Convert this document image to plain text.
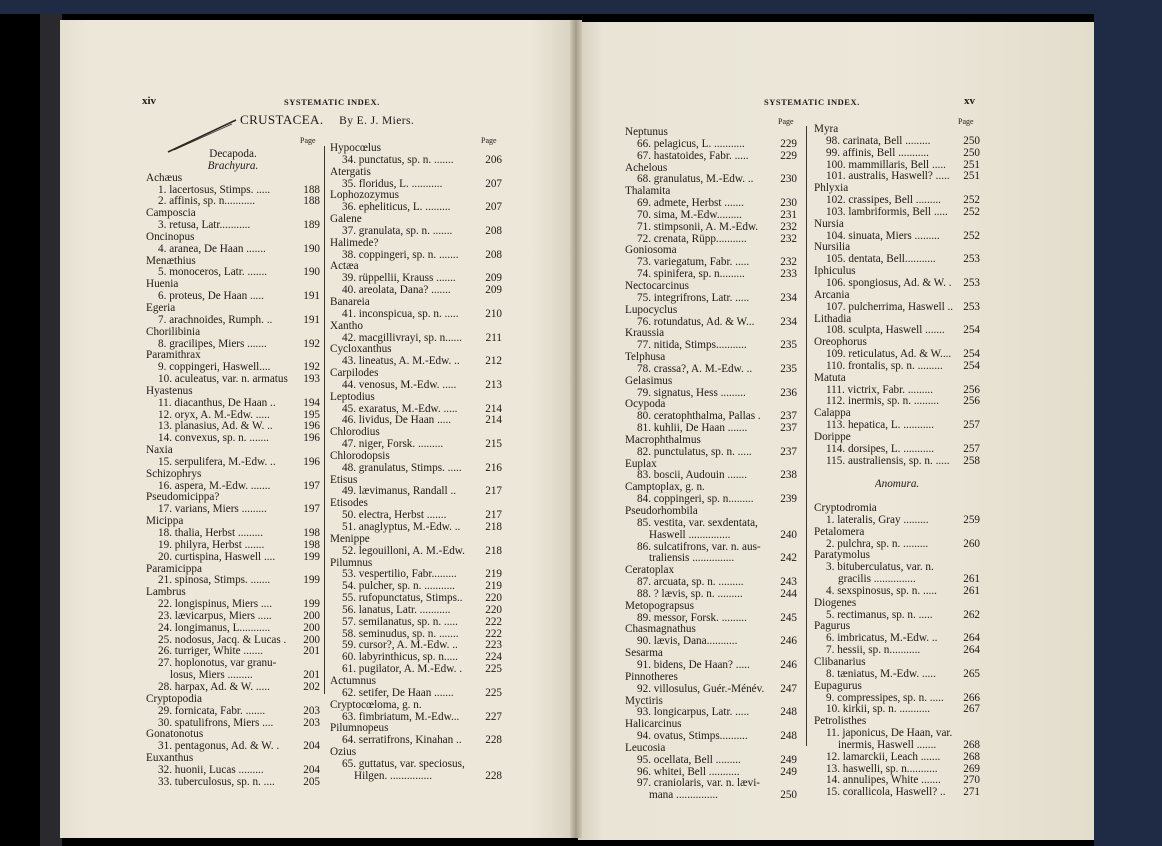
xiv	SYSTEMATIC INDEX.
CRUSTACEA. By E. J. Miers.
Page	Page
Decapoda.
Brachyura.
Achæus
1. lacertosus, Stimps. .....	188
2. affinis, sp. n...........	188
Camposcia
3. retusa, Latr...........	189
Oncinopus
4. aranea, De Haan .......	190
Menæthius
5. monoceros, Latr. .......	190
Huenia
6. proteus, De Haan .....	191
Egeria
7. arachnoides, Rumph. ..	191
Chorilibinia
8. gracilipes, Miers .......	192
Paramithrax
9. coppingeri, Haswell....	192
10. aculeatus, var. n. armatus	193
Hyastenus
11. diacanthus, De Haan ..	194
12. oryx, A. M.-Edw. .....	195
13. planasius, Ad. & W. ..	196
14. convexus, sp. n. .......	196
Naxia
15. serpulifera, M.-Edw. ..	196
Schizophrys
16. aspera, M.-Edw. .......	197
Pseudomicippa?
17. varians, Miers .........	197
Micippa
18. thalia, Herbst .........	198
19. philyra, Herbst .......	198
20. curtispina, Haswell ....	199
Paramicippa
21. spinosa, Stimps. .......	199
Lambrus
22. longispinus, Miers ....	199
23. lævicarpus, Miers .....	200
24. longimanus, L...........	200
25. nodosus, Jacq. & Lucas .	200
26. turriger, White .......	201
27. hoplonotus, var granu-
losus, Miers .........	201
28. harpax, Ad. & W. .....	202
Cryptopodia
29. fornicata, Fabr. .......	203
30. spatulifrons, Miers ....	203
Gonatonotus
31. pentagonus, Ad. & W. .	204
Euxanthus
32. huonii, Lucas .........	204
33. tuberculosus, sp. n. ....	205
Hypocœlus
34. punctatus, sp. n. .......	206
Atergatis
35. floridus, L. ...........	207
Lophozozymus
36. epheliticus, L. .........	207
Galene
37. granulata, sp. n. .......	208
Halimede?
38. coppingeri, sp. n. .......	208
Actæa
39. rüppellii, Krauss .......	209
40. areolata, Dana? .......	209
Banareia
41. inconspicua, sp. n. .....	210
Xantho
42. macgillivrayi, sp. n......	211
Cycloxanthus
43. lineatus, A. M.-Edw. ..	212
Carpilodes
44. venosus, M.-Edw. .....	213
Leptodius
45. exaratus, M.-Edw. .....	214
46. lividus, De Haan .....	214
Chlorodius
47. niger, Forsk. .........	215
Chlorodopsis
48. granulatus, Stimps. .....	216
Etisus
49. lævimanus, Randall ..	217
Etisodes
50. electra, Herbst .......	217
51. anaglyptus, M.-Edw. ..	218
Menippe
52. legouilloni, A. M.-Edw.	218
Pilumnus
53. vespertilio, Fabr.........	219
54. pulcher, sp. n. ...........	219
55. rufopunctatus, Stimps..	220
56. lanatus, Latr. ...........	220
57. semilanatus, sp. n. .....	222
58. seminudus, sp. n. .......	222
59. cursor?, A. M.-Edw. ..	223
60. labyrinthicus, sp. n.....	224
61. pugilator, A. M.-Edw. .	225
Actumnus
62. setifer, De Haan .......	225
Cryptocœloma, g. n.
63. fimbriatum, M.-Edw...	227
Pilumnopeus
64. serratifrons, Kinahan ..	228
Ozius
65. guttatus, var. speciosus,
Hilgen. ...............	228
SYSTEMATIC INDEX.	xv
Page	Page
Neptunus
66. pelagicus, L. ...........	229
67. hastatoides, Fabr. .....	229
Achelous
68. granulatus, M.-Edw. ..	230
Thalamita
69. admete, Herbst .......	230
70. sima, M.-Edw.........	231
71. stimpsonii, A. M.-Edw.	232
72. crenata, Rüpp...........	232
Goniosoma
73. variegatum, Fabr. .....	232
74. spinifera, sp. n.........	233
Nectocarcinus
75. integrifrons, Latr. .....	234
Lupocyclus
76. rotundatus, Ad. & W...	234
Kraussia
77. nitida, Stimps...........	235
Telphusa
78. crassa?, A. M.-Edw. ..	235
Gelasimus
79. signatus, Hess .........	236
Ocypoda
80. ceratophthalma, Pallas .	237
81. kuhlii, De Haan .......	237
Macrophthalmus
82. punctulatus, sp. n. .....	237
Euplax
83. boscii, Audouin .......	238
Camptoplax, g. n.
84. coppingeri, sp. n.........	239
Pseudorhombila
85. vestita, var. sexdentata,
Haswell ...............	240
86. sulcatifrons, var. n. aus-
traliensis ...............	242
Ceratoplax
87. arcuata, sp. n. .........	243
88. ? lævis, sp. n. .........	244
Metopograpsus
89. messor, Forsk. .........	245
Chasmagnathus
90. lævis, Dana...........	246
Sesarma
91. bidens, De Haan? .....	246
Pinnotheres
92. villosulus, Guér.-Ménév.	247
Myctiris
93. longicarpus, Latr. .....	248
Halicarcinus
94. ovatus, Stimps..........	248
Leucosia
95. ocellata, Bell .........	249
96. whitei, Bell ...........	249
97. craniolaris, var. n. lævi-
mana ...............	250
Myra
98. carinata, Bell .........	250
99. affinis, Bell ...........	250
100. mammillaris, Bell .....	251
101. australis, Haswell? .....	251
Phlyxia
102. crassipes, Bell .........	252
103. lambriformis, Bell .....	252
Nursia
104. sinuata, Miers .........	252
Nursilia
105. dentata, Bell...........	253
Iphiculus
106. spongiosus, Ad. & W. .	253
Arcania
107. pulcherrima, Haswell .. 253
Lithadia
108. sculpta, Haswell .......	254
Oreophorus
109. reticulatus, Ad. & W....	254
110. frontalis, sp. n. .........	254
Matuta
111. victrix, Fabr. .........	256
112. inermis, sp. n. .........	256
Calappa
113. hepatica, L. ...........	257
Dorippe
114. dorsipes, L. ...........	257
115. australiensis, sp. n. .....	258
Anomura.
Cryptodromia
1. lateralis, Gray .........	259
Petalomera
2. pulchra, sp. n. .........	260
Paratymolus
3. bituberculatus, var. n.
gracilis ...............	261
4. sexspinosus, sp. n. .....	261
Diogenes
5. rectimanus, sp. n. .....	262
Pagurus
6. imbricatus, M.-Edw. ..	264
7. hessii, sp. n...........	264
Clibanarius
8. tæniatus, M.-Edw. .....	265
Eupagurus
9. compressipes, sp. n. .....	266
10. kirkii, sp. n. ...........	267
Petrolisthes
11. japonicus, De Haan, var.
inermis, Haswell .......	268
12. lamarckii, Leach .......	268
13. haswelli, sp. n...........	269
14. annulipes, White .......	270
15. corallicola, Haswell? ..	271
